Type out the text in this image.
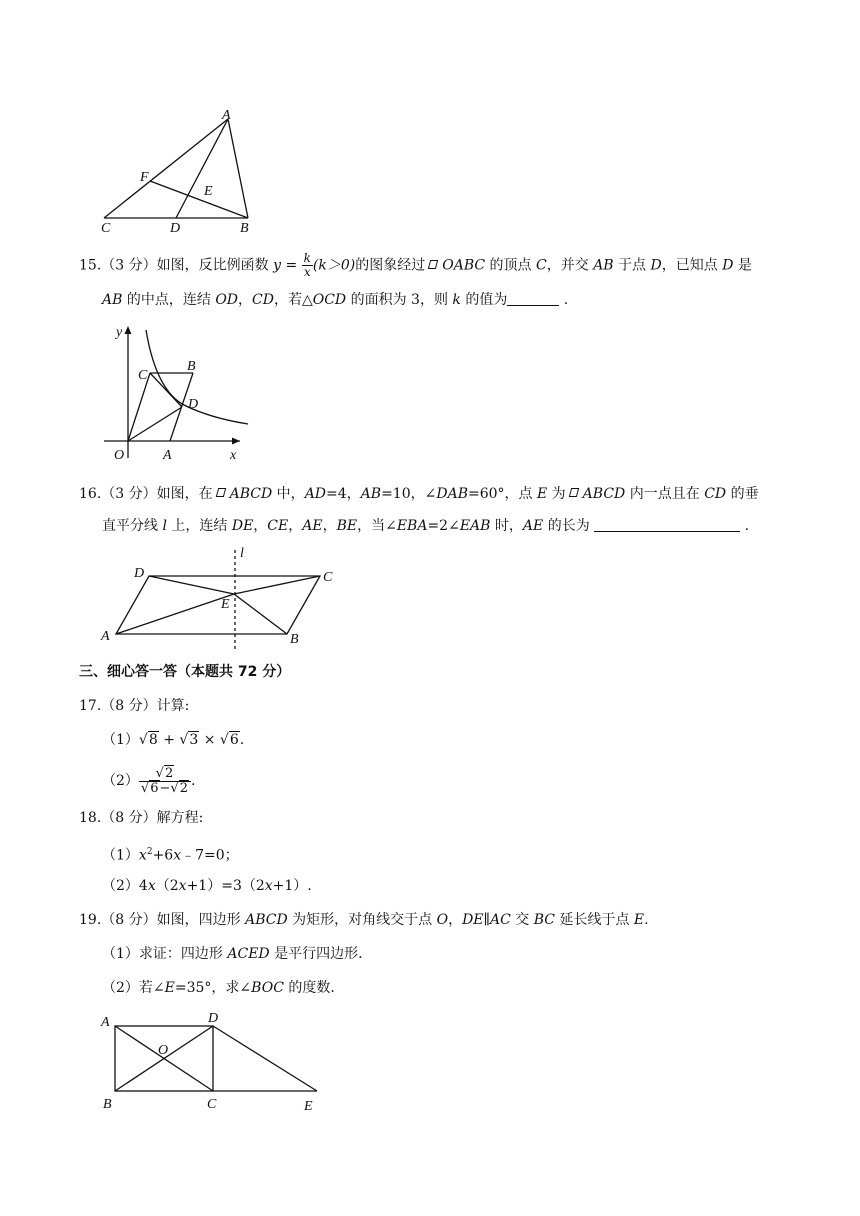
A
F
E
C	D	B
15.（3 分）如图，反比例函数 $y = \frac{k}{x} (k>0)$的图象经过 OABC 的顶点 C，并交 AB 于点 D，已知点 D 是
AB 的中点，连结 OD，CD，若△OCD 的面积为 3，则 k 的值为	.
y
x
O	A
B
C
D
16.（3 分）如图，在 ABCD 中，AD=4，AB=10，∠DAB=60°，点 E 为 ABCD 内一点且在 CD 的垂
直平分线 l 上，连结 DE，CE，AE，BE，当∠EBA=2∠EAB 时，AE 的长为	.
l
D	C
E
A	B
三、细心答一答（本题共 72 分）
17.（8 分）计算:
（1）√8 + √3 × √6.
$(2) \frac{√2}{√6-√2}$ .
18.（8 分）解方程:
$(1)x^2+6x﹣7=0$；
（2）4x（2x+1）=3（2x+1）.
19.（8 分）如图，四边形 ABCD 为矩形，对角线交于点 O，DE∥AC 交 BC 延长线于点 E.
（1）求证：四边形 ACED 是平行四边形.
（2）若∠E=35°，求∠BOC 的度数.
A	D
O
B	C	E
